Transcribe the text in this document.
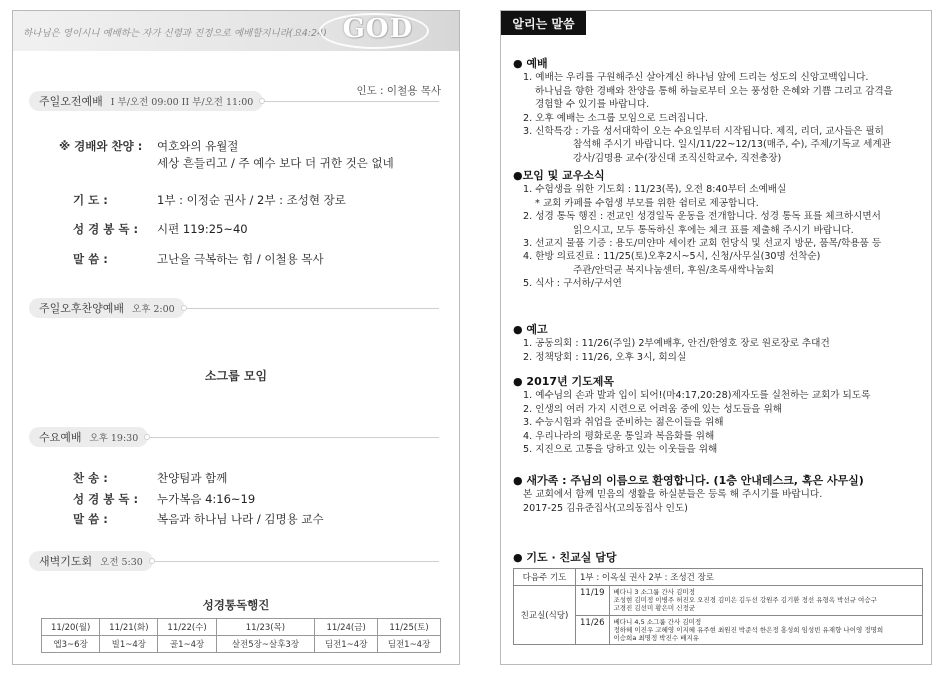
하나님은 영이시니 예배하는 자가 신령과 진정으로 예배할지니라(요4:24) GOD
인도 : 이철용 목사
주일오전예배 I 부/오전 09:00 II 부/오전 11:00
※ 경배와 찬양 :	여호와의 유월절
세상 흔들리고 / 주 예수 보다 더 귀한 것은 없네
기 도 :	1부 : 이정순 권사 / 2부 : 조성현 장로
성 경 봉 독 :	시편 119:25~40
말 씀 :	고난을 극복하는 힘 / 이철용 목사
주일오후찬양예배 오후 2:00
소그룹 모임
수요예배 오후 19:30
찬 송 :	찬양팀과 함께
성 경 봉 독 :	누가복음 4:16~19
말 씀 :	복음과 하나님 나라 / 김명용 교수
새벽기도회 오전 5:30
성경통독행진
11/20(월)	11/21(화)	11/22(수)	11/23(목)	11/24(금)	11/25(토)
엡3~6장	빌1~4장	골1~4장	살전5장~살후3장	딤전1~4장	딤전1~4장
알리는 말씀
● 예배
1. 예배는 우리를 구원해주신 살아계신 하나님 앞에 드리는 성도의 신앙고백입니다.
하나님을 향한 경배와 찬양을 통해 하늘로부터 오는 풍성한 은혜와 기쁨 그리고 감격을
경험할 수 있기를 바랍니다.
2. 오후 예배는 소그룹 모임으로 드려집니다.
3. 신학특강 : 가을 성서대학이 오는 수요일부터 시작됩니다. 제직, 리더, 교사들은 필히
참석해 주시기 바랍니다. 일시/11/22~12/13(매주, 수), 주제/기독교 세계관
강사/김명용 교수(장신대 조직신학교수, 직전총장)
●모임 및 교우소식
1. 수험생을 위한 기도회 : 11/23(목), 오전 8:40부터 소예배실
* 교회 카페를 수험생 부모를 위한 쉼터로 제공합니다.
2. 성경 통독 행진 : 전교인 성경일독 운동을 전개합니다. 성경 통독 표를 체크하시면서
읽으시고, 모두 통독하신 후에는 체크 표를 제출해 주시기 바랍니다.
3. 선교지 물품 기증 : 용도/미얀마 세이칸 교회 헌당식 및 선교지 방문, 품목/학용품 등
4. 한방 의료진료 : 11/25(토)오후2시~5시, 신청/사무실(30명 선착순)
주관/안덕균 복지나눔센터, 후원/초록새싹나눔회
5. 식사 : 구서하/구서연
● 예고
1. 공동의회 : 11/26(주일) 2부예배후, 안건/한영호 장로 원로장로 추대건
2. 정책당회 : 11/26, 오후 3시, 회의실
● 2017년 기도제목
1. 예수님의 손과 발과 입이 되어!(마4:17,20:28)제자도를 실천하는 교회가 되도록
2. 인생의 여러 가지 시련으로 어려움 중에 있는 성도들을 위해
3. 수능시험과 취업을 준비하는 젊은이들을 위해
4. 우리나라의 평화로운 통일과 복음화를 위해
5. 지진으로 고통을 당하고 있는 이웃들을 위해
● 새가족 : 주님의 이름으로 환영합니다. (1층 안내데스크, 혹은 사무실)
본 교회에서 함께 믿음의 생활을 하실분들은 등록 해 주시기를 바랍니다.
2017-25 김유준집사(고의동집사 인도)
● 기도 · 친교실 담당
다음주 기도	1부 : 이옥실 권사 2부 : 조성건 장로	
친교실(식당)	11/19	베다니 3 소그룹 간사 김미정
조성현 김미정 이병주 허진오 오진경 김미은 김두선 강원주 김기환 정선 유형옥 박선규 여승구
고경진 김선미 황은미 신정균

	11/26	베다니 4,5 소그룹 간사 김미정
정하혜 이진우 고혜영 이지혜 유주현 최원진 박준석 한은정 홍성희 임성빈 유재향 나이영 정명희
이승희a 최명정 박진수 배지유
